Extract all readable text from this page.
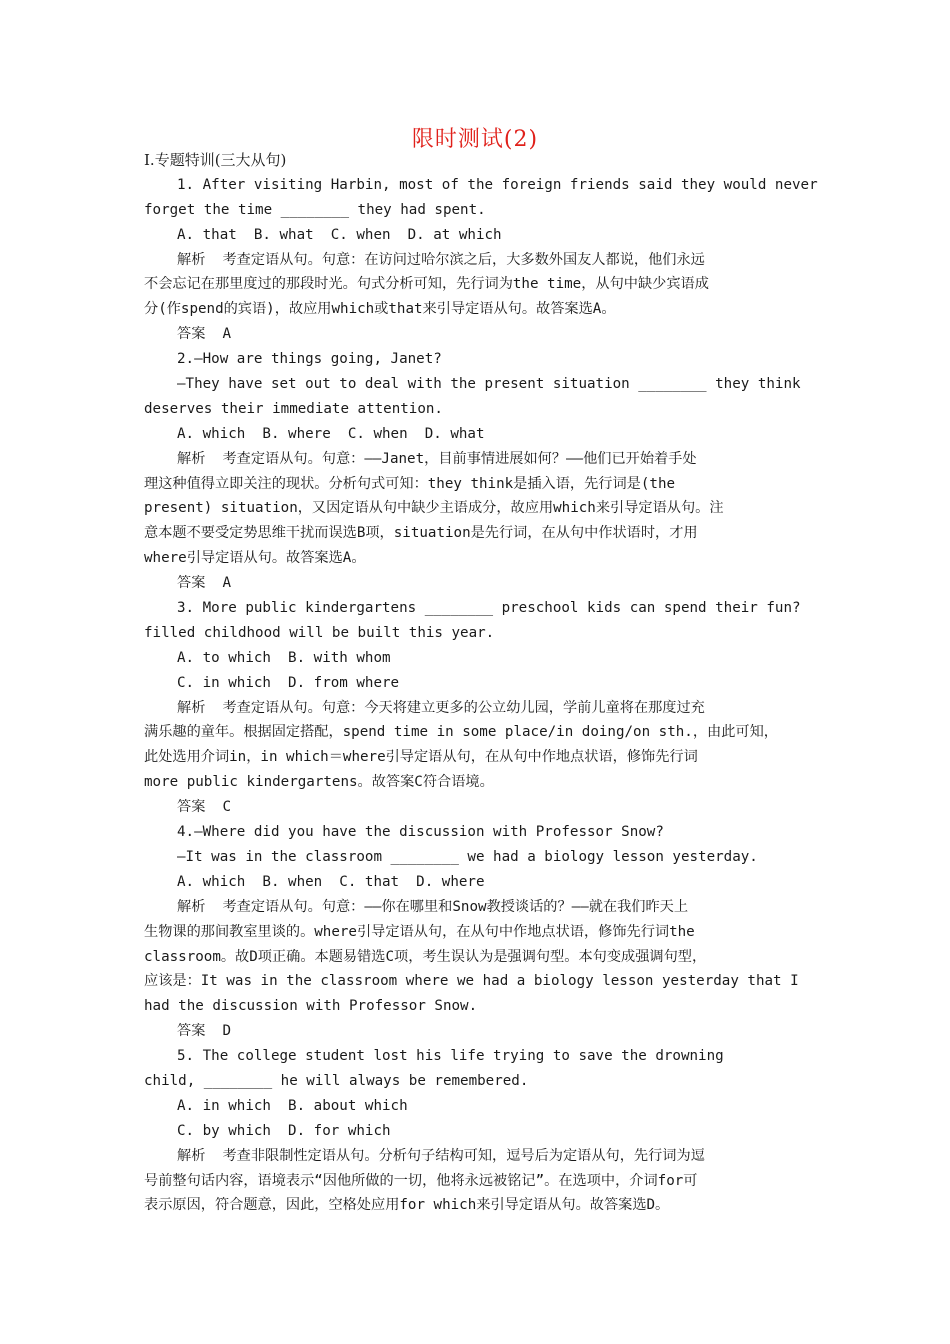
限时测试(2)
Ⅰ.专题特训(三大从句)
1. After visiting Harbin, most of the foreign friends said they would never
forget the time ________ they had spent.
A. that  B. what  C. when  D. at which
解析  考查定语从句。句意：在访问过哈尔滨之后，大多数外国友人都说，他们永远
不会忘记在那里度过的那段时光。句式分析可知，先行词为the time，从句中缺少宾语成
分(作spend的宾语)，故应用which或that来引导定语从句。故答案选A。
答案  A
2.—How are things going, Janet?
—They have set out to deal with the present situation ________ they think
deserves their immediate attention.
A. which  B. where  C. when  D. what
解析  考查定语从句。句意：——Janet，目前事情进展如何？——他们已开始着手处
理这种值得立即关注的现状。分析句式可知：they think是插入语，先行词是(the
present) situation，又因定语从句中缺少主语成分，故应用which来引导定语从句。注
意本题不要受定势思维干扰而误选B项，situation是先行词，在从句中作状语时，才用
where引导定语从句。故答案选A。
答案  A
3. More public kindergartens ________ preschool kids can spend their fun?
filled childhood will be built this year.
A. to which  B. with whom
C. in which  D. from where
解析  考查定语从句。句意：今天将建立更多的公立幼儿园，学前儿童将在那度过充
满乐趣的童年。根据固定搭配，spend time in some place/in doing/on sth.，由此可知，
此处选用介词in，in which＝where引导定语从句，在从句中作地点状语，修饰先行词
more public kindergartens。故答案C符合语境。
答案  C
4.—Where did you have the discussion with Professor Snow?
—It was in the classroom ________ we had a biology lesson yesterday.
A. which  B. when  C. that  D. where
解析  考查定语从句。句意：——你在哪里和Snow教授谈话的？——就在我们昨天上
生物课的那间教室里谈的。where引导定语从句，在从句中作地点状语，修饰先行词the
classroom。故D项正确。本题易错选C项，考生误认为是强调句型。本句变成强调句型，
应该是：It was in the classroom where we had a biology lesson yesterday that I
had the discussion with Professor Snow.
答案  D
5. The college student lost his life trying to save the drowning
child, ________ he will always be remembered.
A. in which  B. about which
C. by which  D. for which
解析  考查非限制性定语从句。分析句子结构可知，逗号后为定语从句，先行词为逗
号前整句话内容，语境表示“因他所做的一切，他将永远被铭记”。在选项中，介词for可
表示原因，符合题意，因此，空格处应用for which来引导定语从句。故答案选D。
